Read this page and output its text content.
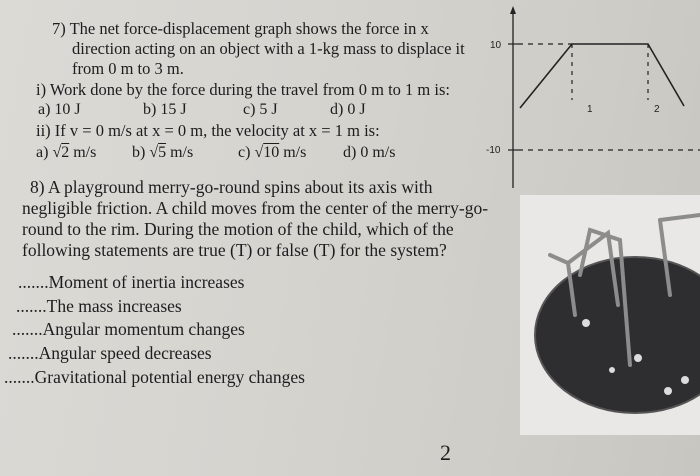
7) The net force-displacement graph shows the force in x
direction acting on an object with a 1-kg mass to displace it
from 0 m to 3 m.
i) Work done by the force during the travel from 0 m to 1 m is:
a) 10 J	b) 15 J	c) 5 J	d) 0 J
ii) If v = 0 m/s at x = 0 m, the velocity at x = 1 m is:
a) √2 m/s b) √5 m/s	c) √10 m/s d) 0 m/s
10
-10
1	2
8) A playground merry-go-round spins about its axis with
negligible friction. A child moves from the center of the merry-go-
round to the rim. During the motion of the child, which of the
following statements are true (T) or false (T) for the system?
.......Moment of inertia increases
.......The mass increases
.......Angular momentum changes
.......Angular speed decreases
.......Gravitational potential energy changes
2
